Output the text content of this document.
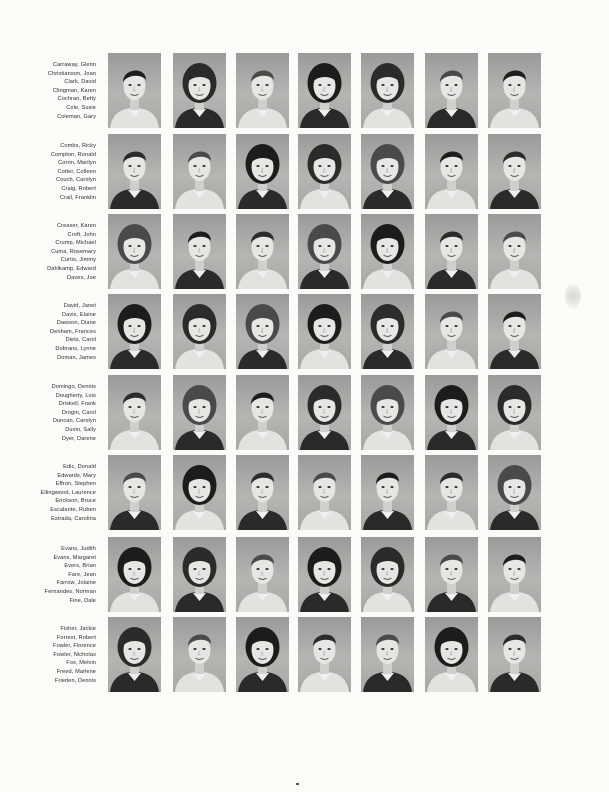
Carraway, Glenn
Christianson, Joan
Clark, David
Clingman, Karen
Cochran, Betty
Cole, Susie
Coleman, Gary
Combs, Ricky
Compton, Ronald
Corrin, Marilyn
Cotter, Colleen
Couch, Carolyn
Craig, Robert
Crail, Franklin
Creaser, Karen
Croft, John
Crump, Michael
Cuma, Rosemary
Curtis, Jimmy
Dahlkamp, Edward
Daves, Joe
David, Janet
Davis, Elaine
Dawson, Diane
Denham, Frances
Dietz, Carol
Dobrans, Lynne
Doman, James
Domingo, Dennis
Dougherty, Lois
Driskell, Frank
Drogin, Carol
Duncan, Carolyn
Duvin, Sally
Dyer, Darene
Edic, Donald
Edwards, Mary
Effron, Stephen
Ellingwood, Laurence
Erickson, Bruce
Escalante, Ruben
Estrada, Carolina
Evans, Judith
Evans, Margaret
Evers, Brian
Fare, Jean
Farrow, Jolaine
Fernandes, Norman
Fine, Dale
Fisher, Jackie
Forrest, Robert
Fowler, Florence
Fowler, Nicholas
Fox, Melvin
Freed, Marlene
Frieden, Dennis
